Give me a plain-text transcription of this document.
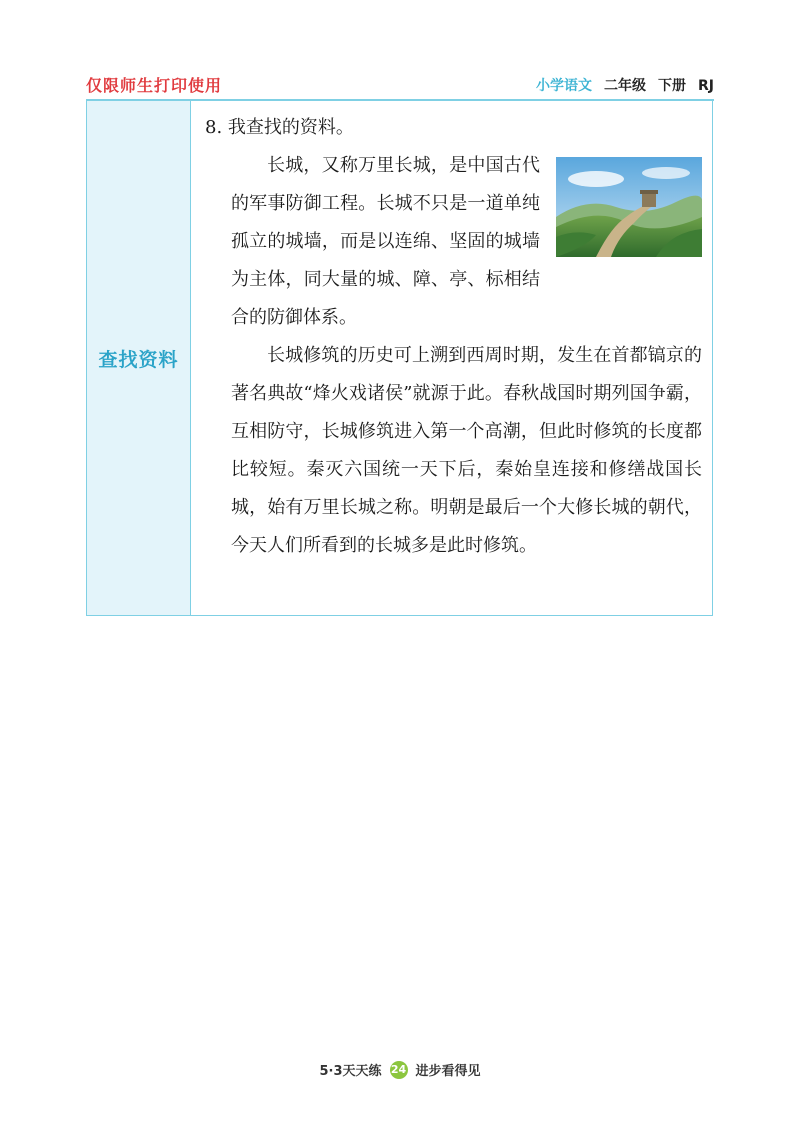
仅限师生打印使用	小学语文 二年级 下册 RJ
查找资料
8. 我查找的资料。

长城，又称万里长城，是中国古代的军事防御工程。长城不只是一道单纯孤立的城墙，而是以连绵、坚固的城墙为主体，同大量的城、障、亭、标相结合的防御体系。

长城修筑的历史可上溯到西周时期，发生在首都镐京的著名典故“烽火戏诸侯”就源于此。春秋战国时期列国争霸，互相防守，长城修筑进入第一个高潮，但此时修筑的长度都比较短。秦灭六国统一天下后，秦始皇连接和修缮战国长城，始有万里长城之称。明朝是最后一个大修长城的朝代，今天人们所看到的长城多是此时修筑。

5·3天天练 24 进步看得见
